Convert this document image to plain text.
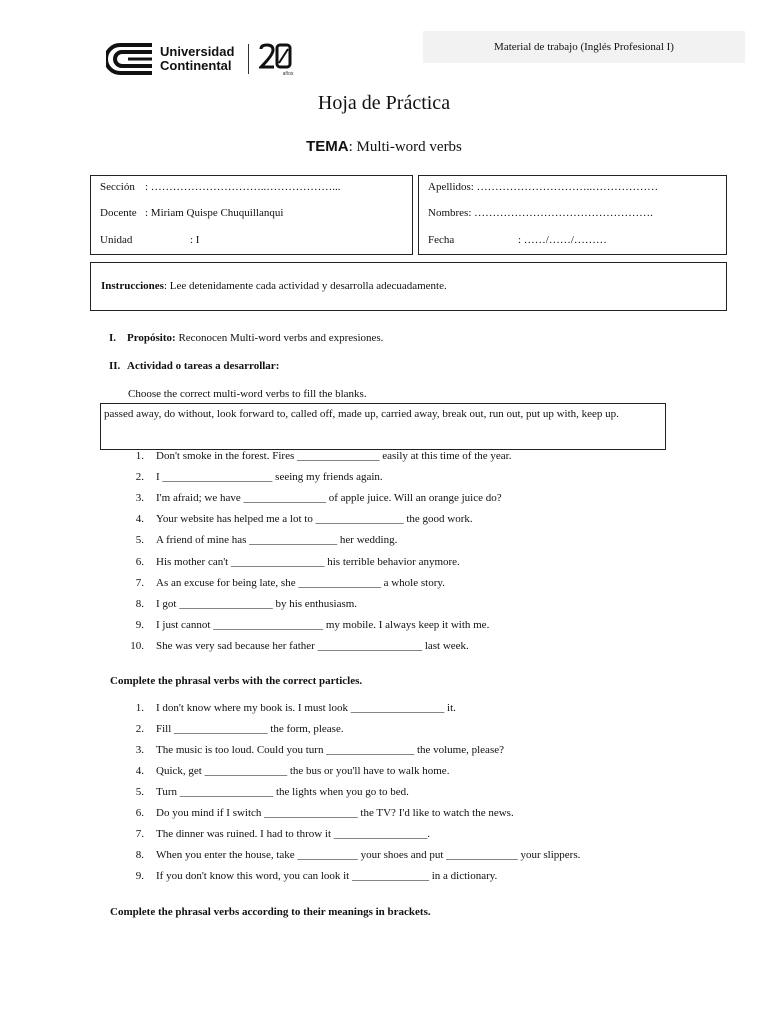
Universidad
Continental
años
Material de trabajo (Inglés Profesional I)
Hoja de Práctica
TEMA: Multi-word verbs
Sección : …………………………..………………...
Docente : Miriam Quispe Chuquillanqui
Unidad	: I
Apellidos: …………………………..………………
Nombres: ………………………………………….
Fecha	: ……/……/………
Instrucciones: Lee detenidamente cada actividad y desarrolla adecuadamente.
I. Propósito: Reconocen Multi-word verbs and expresiones.
II. Actividad o tareas a desarrollar:
Choose the correct multi-word verbs to fill the blanks.
passed away, do without, look forward to, called off, made up, carried away, break out, run out, put up with, keep up.
1. Don't smoke in the forest. Fires _______________ easily at this time of the year.
2. I ____________________ seeing my friends again.
3. I'm afraid; we have _______________ of apple juice. Will an orange juice do?
4. Your website has helped me a lot to ________________ the good work.
5. A friend of mine has ________________ her wedding.
6. His mother can't _________________ his terrible behavior anymore.
7. As an excuse for being late, she _______________ a whole story.
8. I got _________________ by his enthusiasm.
9. I just cannot ____________________ my mobile. I always keep it with me.
10. She was very sad because her father ___________________ last week.
Complete the phrasal verbs with the correct particles.
1. I don't know where my book is. I must look _________________ it.
2. Fill _________________ the form, please.
3. The music is too loud. Could you turn ________________ the volume, please?
4. Quick, get _______________ the bus or you'll have to walk home.
5. Turn _________________ the lights when you go to bed.
6. Do you mind if I switch _________________ the TV? I'd like to watch the news.
7. The dinner was ruined. I had to throw it _________________.
8. When you enter the house, take ___________ your shoes and put _____________ your slippers.
9. If you don't know this word, you can look it ______________ in a dictionary.
Complete the phrasal verbs according to their meanings in brackets.
